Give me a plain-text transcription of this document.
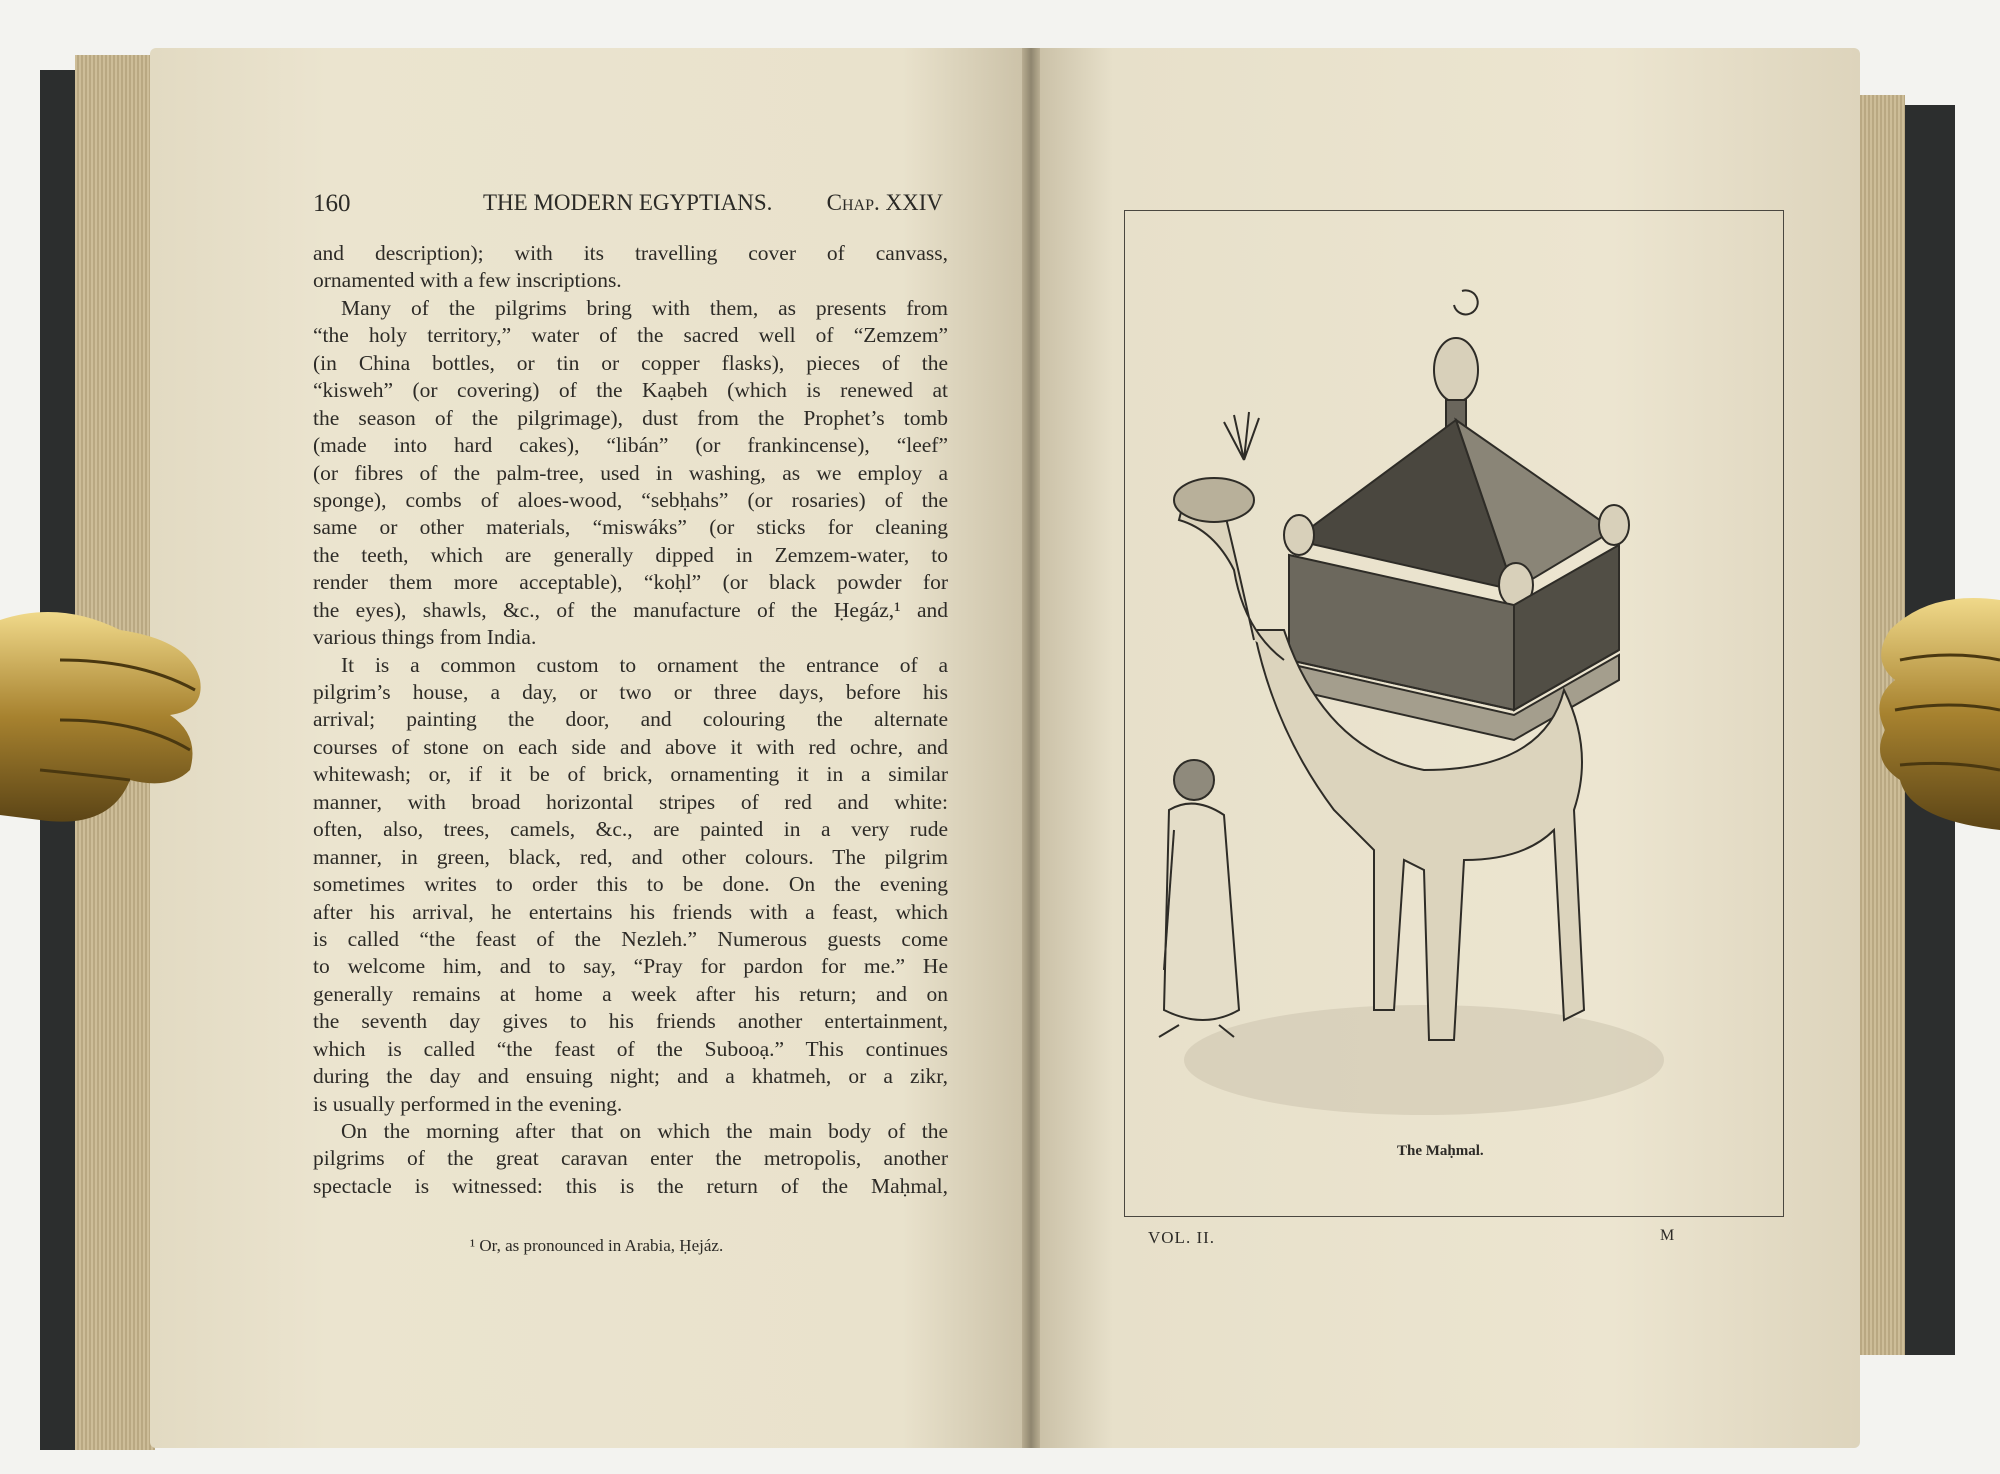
160	THE MODERN EGYPTIANS. Chap. XXIV
and description); with its travelling cover of canvass,
ornamented with a few inscriptions.
Many of the pilgrims bring with them, as presents from
“the holy territory,” water of the sacred well of “Zemzem”
(in China bottles, or tin or copper flasks), pieces of the
“kisweh” (or covering) of the Kaạbeh (which is renewed at
the season of the pilgrimage), dust from the Prophet’s tomb
(made into hard cakes), “libán” (or frankincense), “leef”
(or fibres of the palm-tree, used in washing, as we employ a
sponge), combs of aloes-wood, “sebḥahs” (or rosaries) of the
same or other materials, “miswáks” (or sticks for cleaning
the teeth, which are generally dipped in Zemzem-water, to
render them more acceptable), “koḥl” (or black powder for
the eyes), shawls, &c., of the manufacture of the Ḥegáz,¹ and
various things from India.
It is a common custom to ornament the entrance of a
pilgrim’s house, a day, or two or three days, before his
arrival; painting the door, and colouring the alternate
courses of stone on each side and above it with red ochre, and
whitewash; or, if it be of brick, ornamenting it in a similar
manner, with broad horizontal stripes of red and white:
often, also, trees, camels, &c., are painted in a very rude
manner, in green, black, red, and other colours. The pilgrim
sometimes writes to order this to be done. On the evening
after his arrival, he entertains his friends with a feast, which
is called “the feast of the Nezleh.” Numerous guests come
to welcome him, and to say, “Pray for pardon for me.” He
generally remains at home a week after his return; and on
the seventh day gives to his friends another entertainment,
which is called “the feast of the Subooạ.” This continues
during the day and ensuing night; and a khatmeh, or a zikr,
is usually performed in the evening.
On the morning after that on which the main body of the
pilgrims of the great caravan enter the metropolis, another
spectacle is witnessed: this is the return of the Maḥmal,
¹ Or, as pronounced in Arabia, Ḥejáz.
The Maḥmal.
VOL. II.	M
